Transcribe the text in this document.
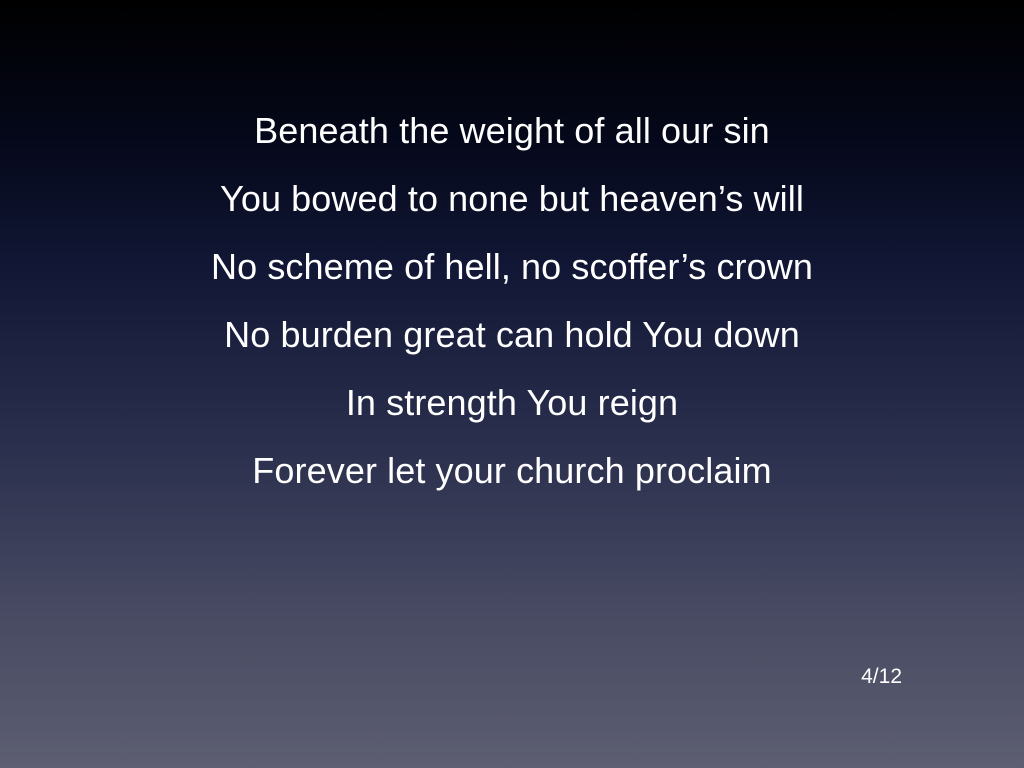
Beneath the weight of all our sin
You bowed to none but heaven’s will
No scheme of hell, no scoffer’s crown
No burden great can hold You down
In strength You reign
Forever let your church proclaim
4/12
